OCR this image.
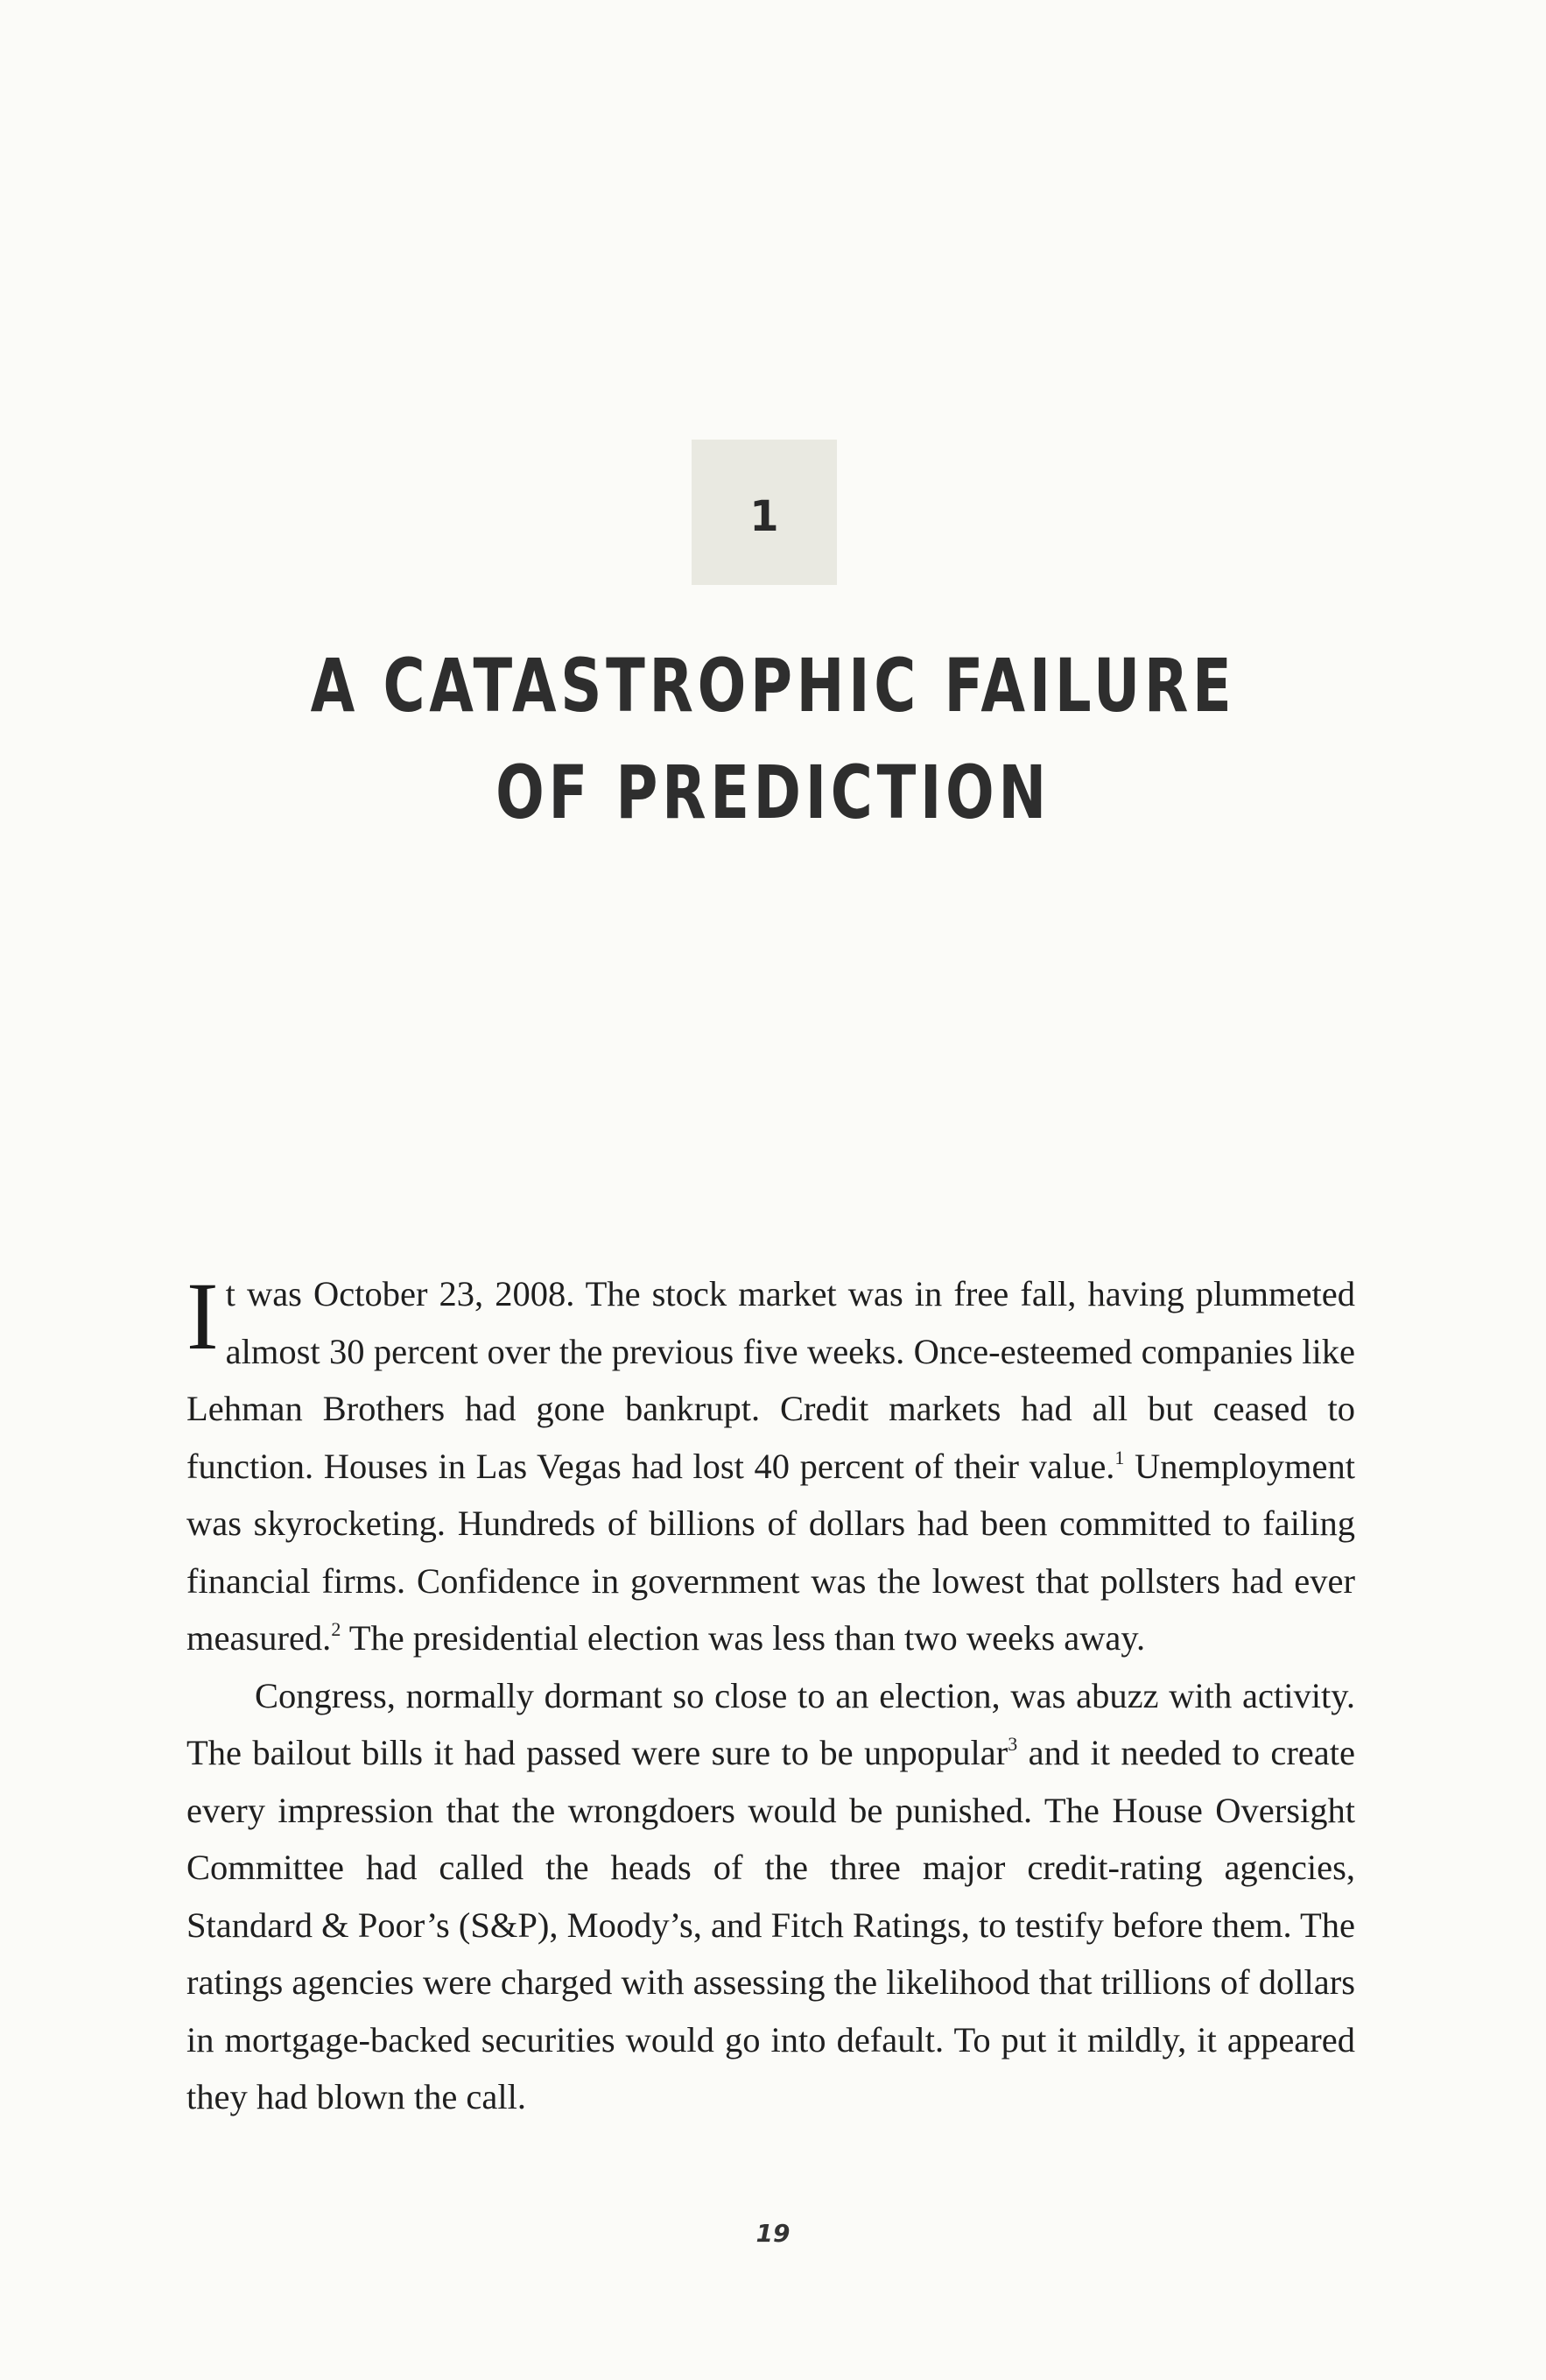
1
A CATASTROPHIC FAILURE
OF PREDICTION

It was October 23, 2008. The stock market was in free fall, having plummeted almost 30 percent over the previous five weeks. Once-esteemed companies like Lehman Brothers had gone bankrupt. Credit markets had all but ceased to function. Houses in Las Vegas had lost 40 percent of their value.$^1$ Unemployment was skyrocketing. Hundreds of billions of dollars had been committed to failing financial firms. Confidence in government was the lowest that pollsters had ever measured.$^2$ The presidential election was less than two weeks away.

Congress, normally dormant so close to an election, was abuzz with activity. The bailout bills it had passed were sure to be unpopular$^3$ and it needed to create every impression that the wrongdoers would be punished. The House Oversight Committee had called the heads of the three major credit-rating agencies, Standard & Poor’s (S&P), Moody’s, and Fitch Ratings, to testify before them. The ratings agencies were charged with assessing the likelihood that trillions of dollars in mortgage-backed securities would go into default. To put it mildly, it appeared they had blown the call.

19
